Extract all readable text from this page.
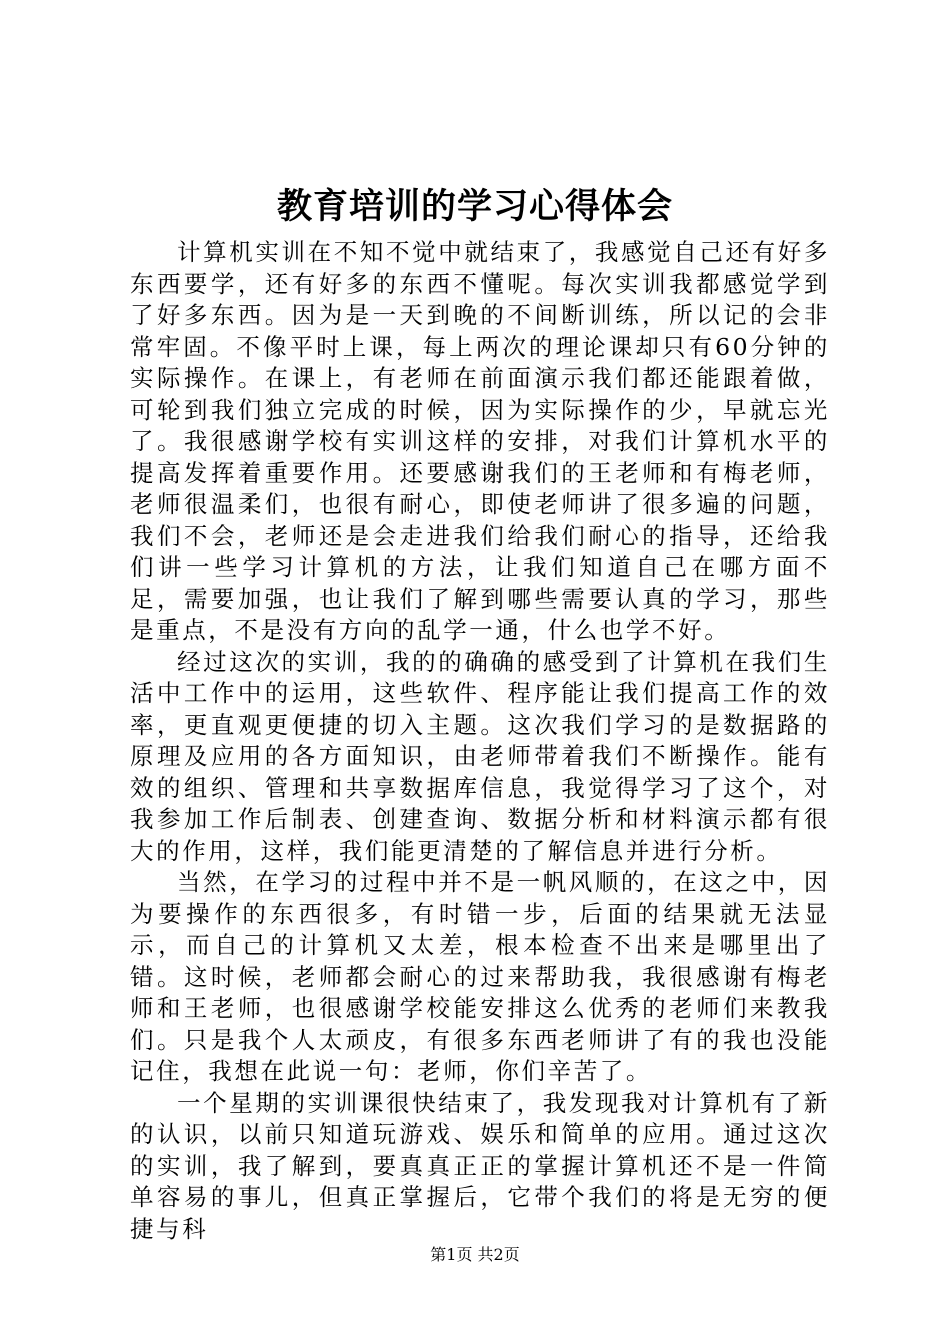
教育培训的学习心得体会

计算机实训在不知不觉中就结束了，我感觉自己还有好多东西要学，还有好多的东西不懂呢。每次实训我都感觉学到了好多东西。因为是一天到晚的不间断训练，所以记的会非常牢固。不像平时上课，每上两次的理论课却只有60分钟的实际操作。在课上，有老师在前面演示我们都还能跟着做，可轮到我们独立完成的时候，因为实际操作的少，早就忘光了。我很感谢学校有实训这样的安排，对我们计算机水平的提高发挥着重要作用。还要感谢我们的王老师和有梅老师，老师很温柔们，也很有耐心，即使老师讲了很多遍的问题，我们不会，老师还是会走进我们给我们耐心的指导，还给我们讲一些学习计算机的方法，让我们知道自己在哪方面不足，需要加强，也让我们了解到哪些需要认真的学习，那些是重点，不是没有方向的乱学一通，什么也学不好。

经过这次的实训，我的的确确的感受到了计算机在我们生活中工作中的运用，这些软件、程序能让我们提高工作的效率，更直观更便捷的切入主题。这次我们学习的是数据路的原理及应用的各方面知识，由老师带着我们不断操作。能有效的组织、管理和共享数据库信息，我觉得学习了这个，对我参加工作后制表、创建查询、数据分析和材料演示都有很大的作用，这样，我们能更清楚的了解信息并进行分析。

当然，在学习的过程中并不是一帆风顺的，在这之中，因为要操作的东西很多，有时错一步，后面的结果就无法显示，而自己的计算机又太差，根本检查不出来是哪里出了错。这时候，老师都会耐心的过来帮助我，我很感谢有梅老师和王老师，也很感谢学校能安排这么优秀的老师们来教我们。只是我个人太顽皮，有很多东西老师讲了有的我也没能记住，我想在此说一句：老师，你们辛苦了。

一个星期的实训课很快结束了，我发现我对计算机有了新的认识，以前只知道玩游戏、娱乐和简单的应用。通过这次的实训，我了解到，要真真正正的掌握计算机还不是一件简单容易的事儿，但真正掌握后，它带个我们的将是无穷的便捷与科

第1页 共2页
